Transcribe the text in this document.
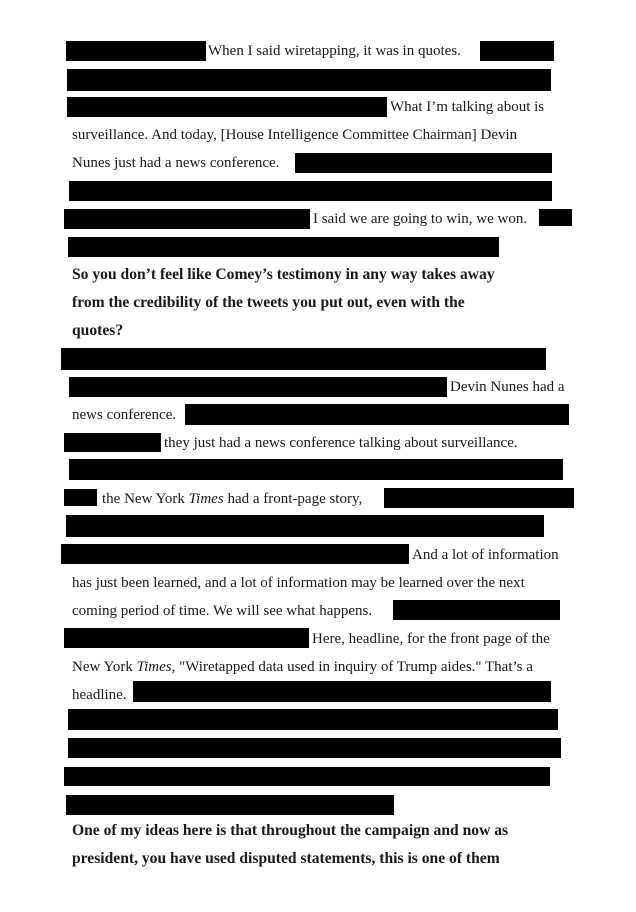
When I said wiretapping, it was in quotes.
What I’m talking about is
surveillance. And today, [House Intelligence Committee Chairman] Devin
Nunes just had a news conference.
I said we are going to win, we won.
So you don’t feel like Comey’s testimony in any way takes away
from the credibility of the tweets you put out, even with the
quotes?
Devin Nunes had a
news conference.
they just had a news conference talking about surveillance.
the New York Times had a front-page story,
And a lot of information
has just been learned, and a lot of information may be learned over the next
coming period of time. We will see what happens.
Here, headline, for the front page of the
New York Times, "Wiretapped data used in inquiry of Trump aides." That’s a
headline.
One of my ideas here is that throughout the campaign and now as
president, you have used disputed statements, this is one of them
